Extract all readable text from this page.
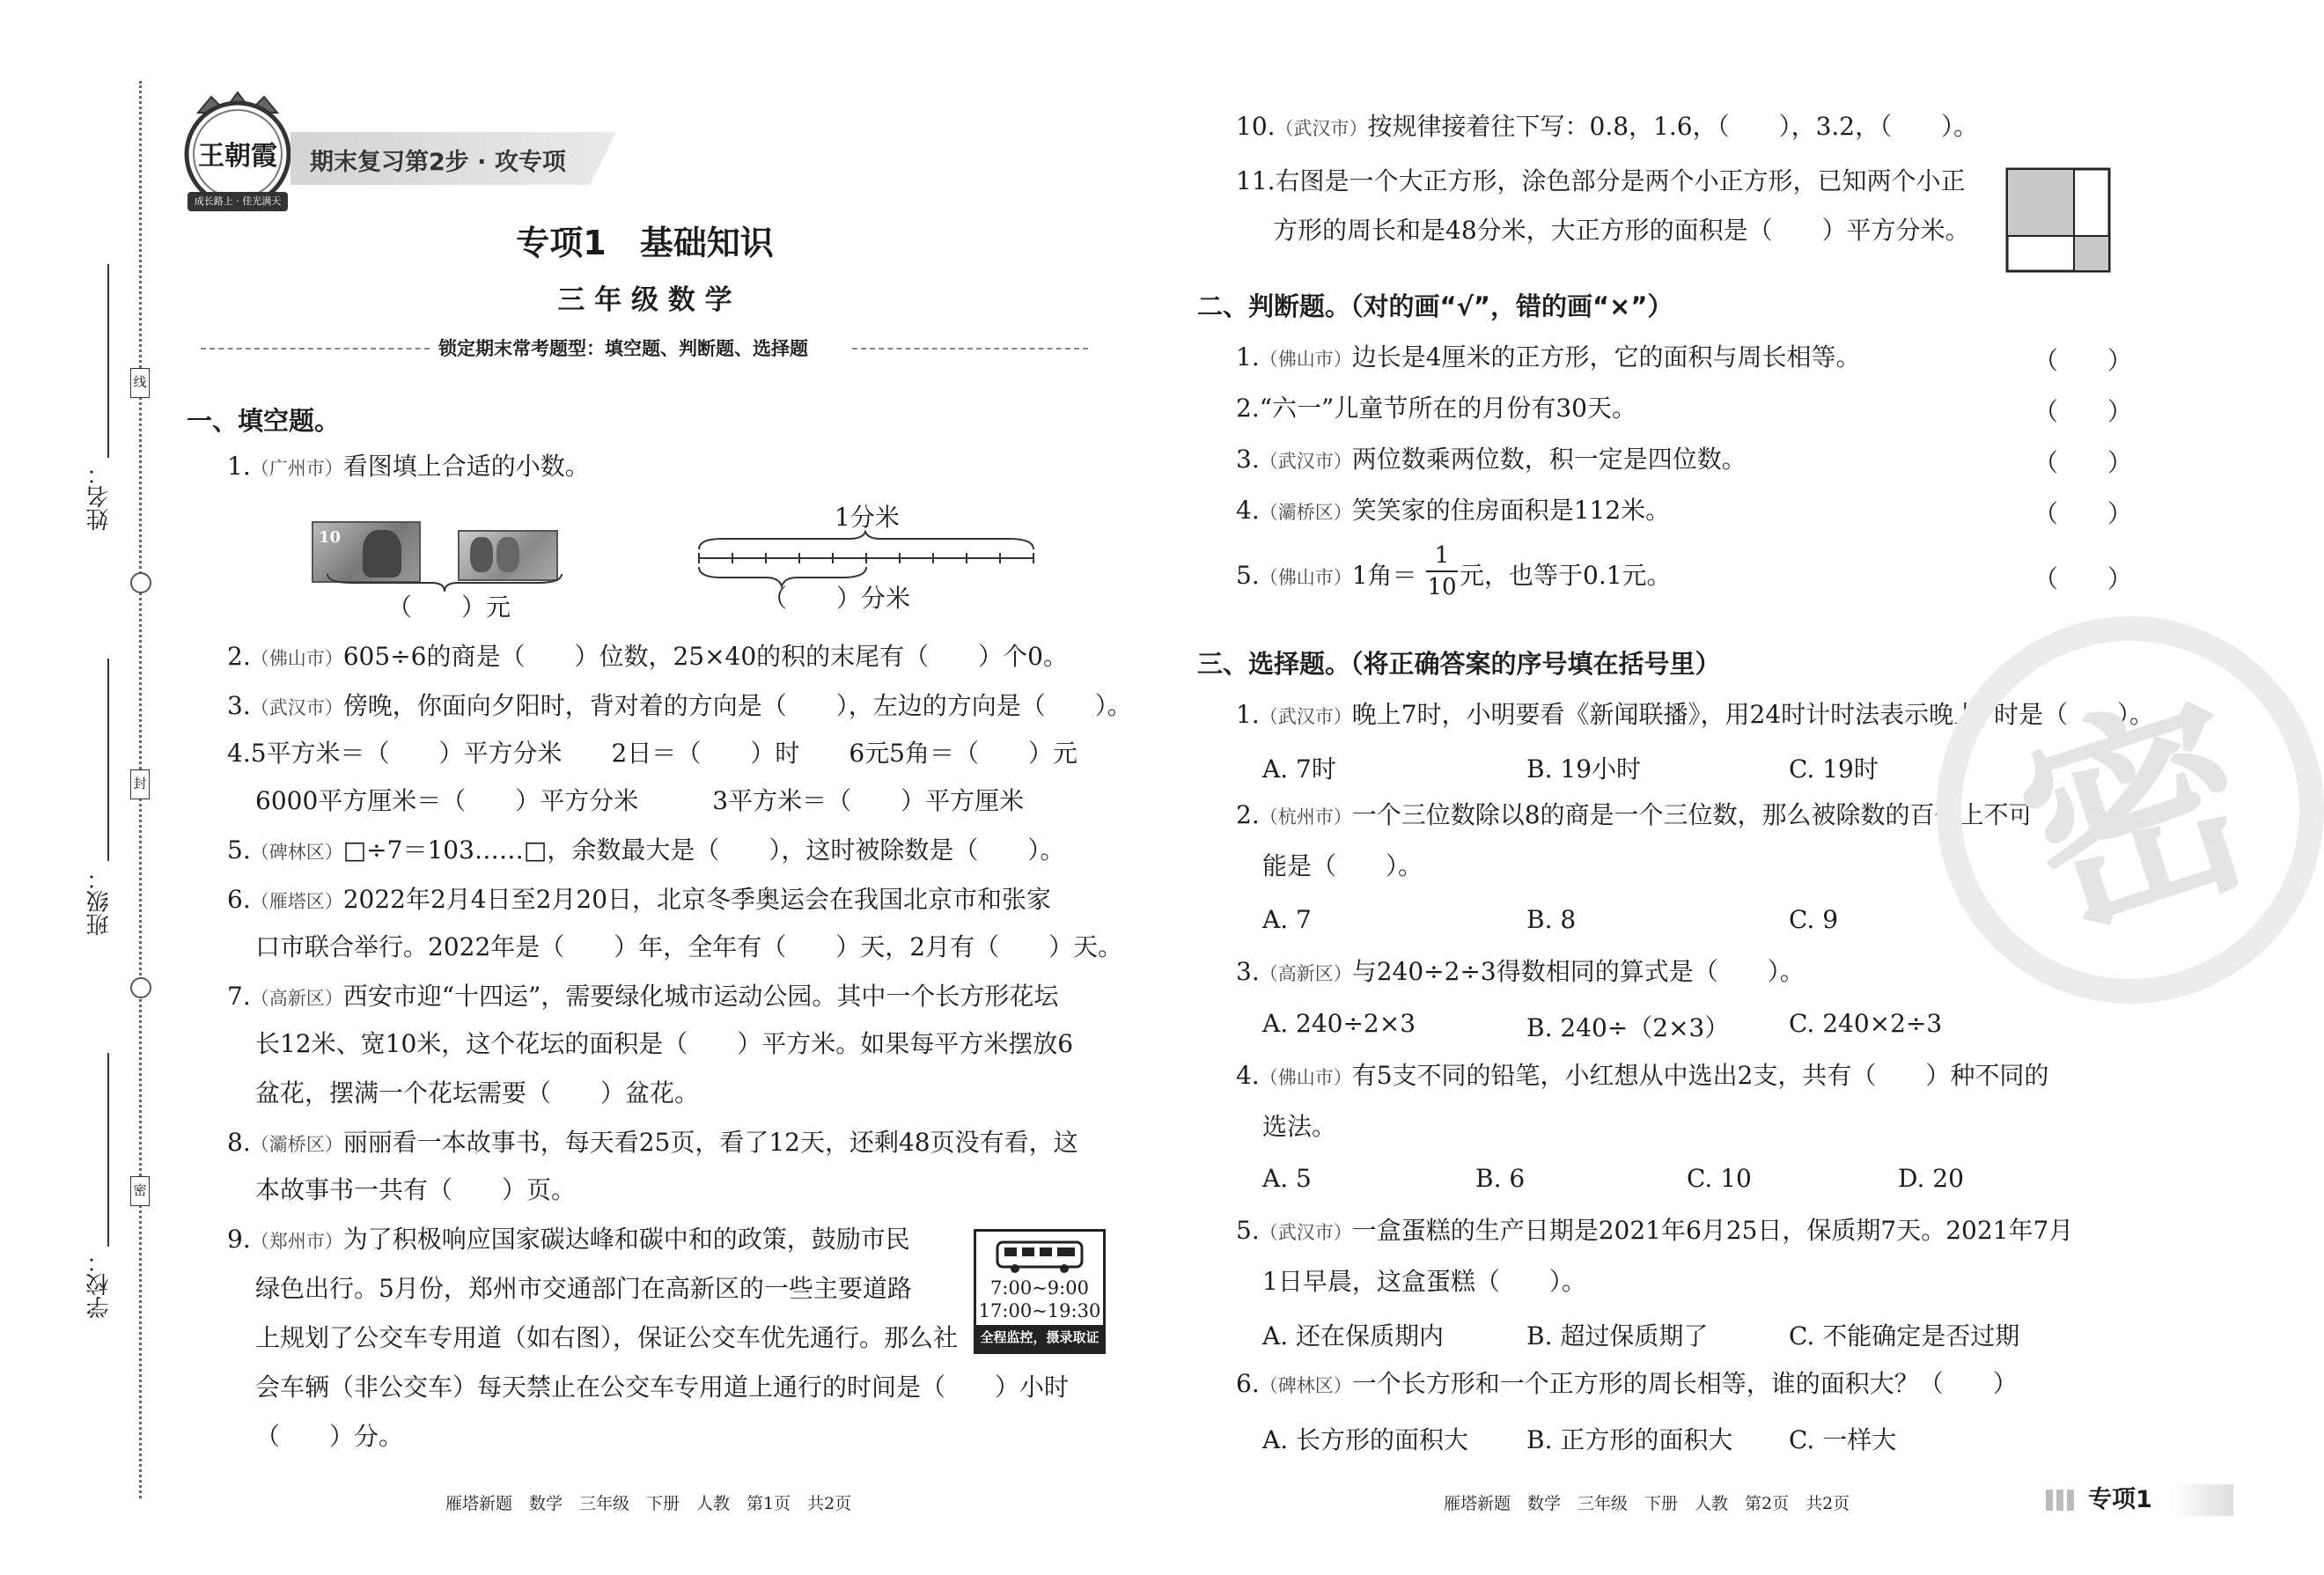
线
封
密
姓名：
班级：
学校：
王朝霞
成长路上 · 佳光满天
期末复习第2步 · 攻专项
专项1　基础知识
三 年 级 数 学
锁定期末常考题型：填空题、判断题、选择题
一、填空题。
1.（广州市）看图填上合适的小数。
10
（　　）元
1分米
（　　）分米
2.（佛山市）605÷6的商是（　　）位数，25×40的积的末尾有（　　）个0。
3.（武汉市）傍晚，你面向夕阳时，背对着的方向是（　　），左边的方向是（　　）。
4.5平方米＝（　　）平方分米　　2日＝（　　）时　　6元5角＝（　　）元
6000平方厘米＝（　　）平方分米　　　3平方米＝（　　）平方厘米
5.（碑林区）□÷7＝103……□，余数最大是（　　），这时被除数是（　　）。
6.（雁塔区）2022年2月4日至2月20日，北京冬季奥运会在我国北京市和张家
口市联合举行。2022年是（　　）年，全年有（　　）天，2月有（　　）天。
7.（高新区）西安市迎“十四运”，需要绿化城市运动公园。其中一个长方形花坛
长12米、宽10米，这个花坛的面积是（　　）平方米。如果每平方米摆放6
盆花，摆满一个花坛需要（　　）盆花。
8.（灞桥区）丽丽看一本故事书，每天看25页，看了12天，还剩48页没有看，这
本故事书一共有（　　）页。
9.（郑州市）为了积极响应国家碳达峰和碳中和的政策，鼓励市民
绿色出行。5月份，郑州市交通部门在高新区的一些主要道路
上规划了公交车专用道（如右图），保证公交车优先通行。那么社
会车辆（非公交车）每天禁止在公交车专用道上通行的时间是（　　）小时
（　　）分。
7:00~9:00
17:00~19:30
全程监控，摄录取证
雁塔新题　数学　三年级　下册　人教　第1页　共2页
10.（武汉市）按规律接着往下写：0.8，1.6，（　　），3.2，（　　）。
11.右图是一个大正方形，涂色部分是两个小正方形，已知两个小正
方形的周长和是48分米，大正方形的面积是（　　）平方分米。
二、判断题。（对的画“√”，错的画“×”）
1.（佛山市）边长是4厘米的正方形，它的面积与周长相等。	（　　）
2.“六一”儿童节所在的月份有30天。	（　　）
3.（武汉市）两位数乘两位数，积一定是四位数。	（　　）
4.（灞桥区）笑笑家的住房面积是112米。	（　　）
5.（佛山市）1角＝ $\frac{1}{10}$ 元，也等于0.1元。	（　　）
三、选择题。（将正确答案的序号填在括号里）
1.（武汉市）晚上7时，小明要看《新闻联播》，用24时计时法表示晚上7时是（　　）。
A. 7时	B. 19小时	C. 19时
2.（杭州市）一个三位数除以8的商是一个三位数，那么被除数的百位上不可
能是（　　）。
A. 7	B. 8	C. 9
3.（高新区）与240÷2÷3得数相同的算式是（　　）。
A. 240÷2×3	B. 240÷（2×3） C. 240×2÷3
4.（佛山市）有5支不同的铅笔，小红想从中选出2支，共有（　　）种不同的
选法。
A. 5	B. 6	C. 10	D. 20
5.（武汉市）一盒蛋糕的生产日期是2021年6月25日，保质期7天。2021年7月
1日早晨，这盒蛋糕（　　）。
A. 还在保质期内	B. 超过保质期了	C. 不能确定是否过期
6.（碑林区）一个长方形和一个正方形的周长相等，谁的面积大？（　　）
A. 长方形的面积大 B. 正方形的面积大 C. 一样大
雁塔新题　数学　三年级　下册　人教　第2页　共2页	专项1
密
